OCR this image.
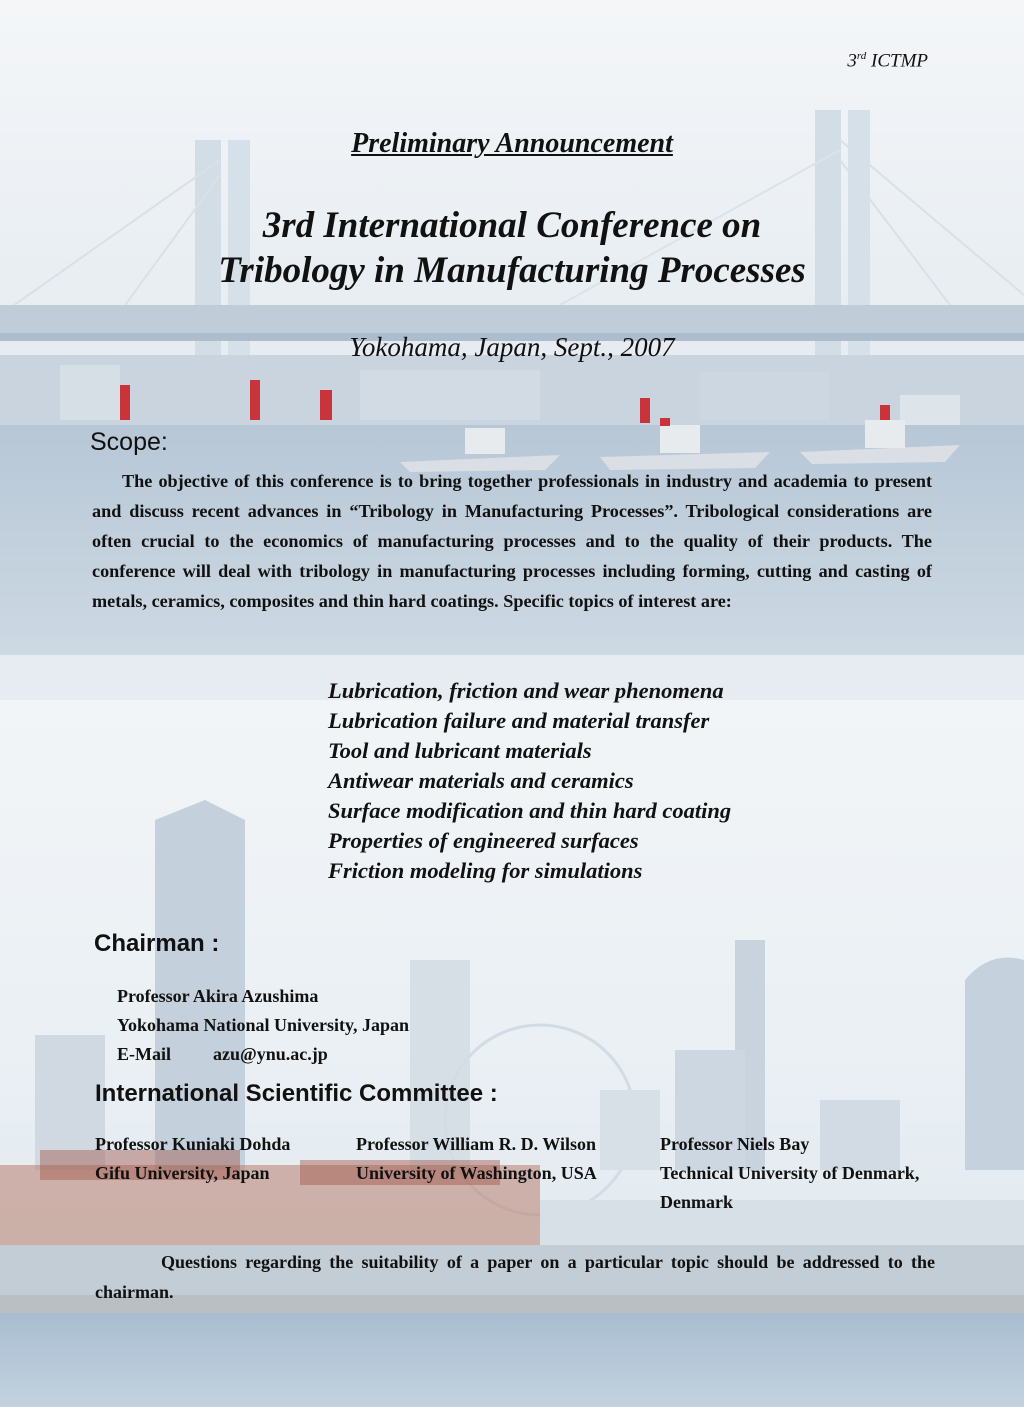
3rd ICTMP
Preliminary Announcement
3rd International Conference on
Tribology in Manufacturing Processes
Yokohama, Japan, Sept., 2007
Scope:
The objective of this conference is to bring together professionals in industry and academia to present and discuss recent advances in “Tribology in Manufacturing Processes”. Tribological considerations are often crucial to the economics of manufacturing processes and to the quality of their products. The conference will deal with tribology in manufacturing processes including forming, cutting and casting of metals, ceramics, composites and thin hard coatings. Specific topics of interest are:
Lubrication, friction and wear phenomena
Lubrication failure and material transfer
Tool and lubricant materials
Antiwear materials and ceramics
Surface modification and thin hard coating
Properties of engineered surfaces
Friction modeling for simulations
Chairman :
Professor Akira Azushima
Yokohama National University, Japan
E-Mail azu@ynu.ac.jp
International Scientific Committee :
Professor Kuniaki Dohda
Gifu University, Japan
Professor William R. D. Wilson
University of Washington, USA
Professor Niels Bay
Technical University of Denmark, Denmark
Questions regarding the suitability of a paper on a particular topic should be addressed to the chairman.
